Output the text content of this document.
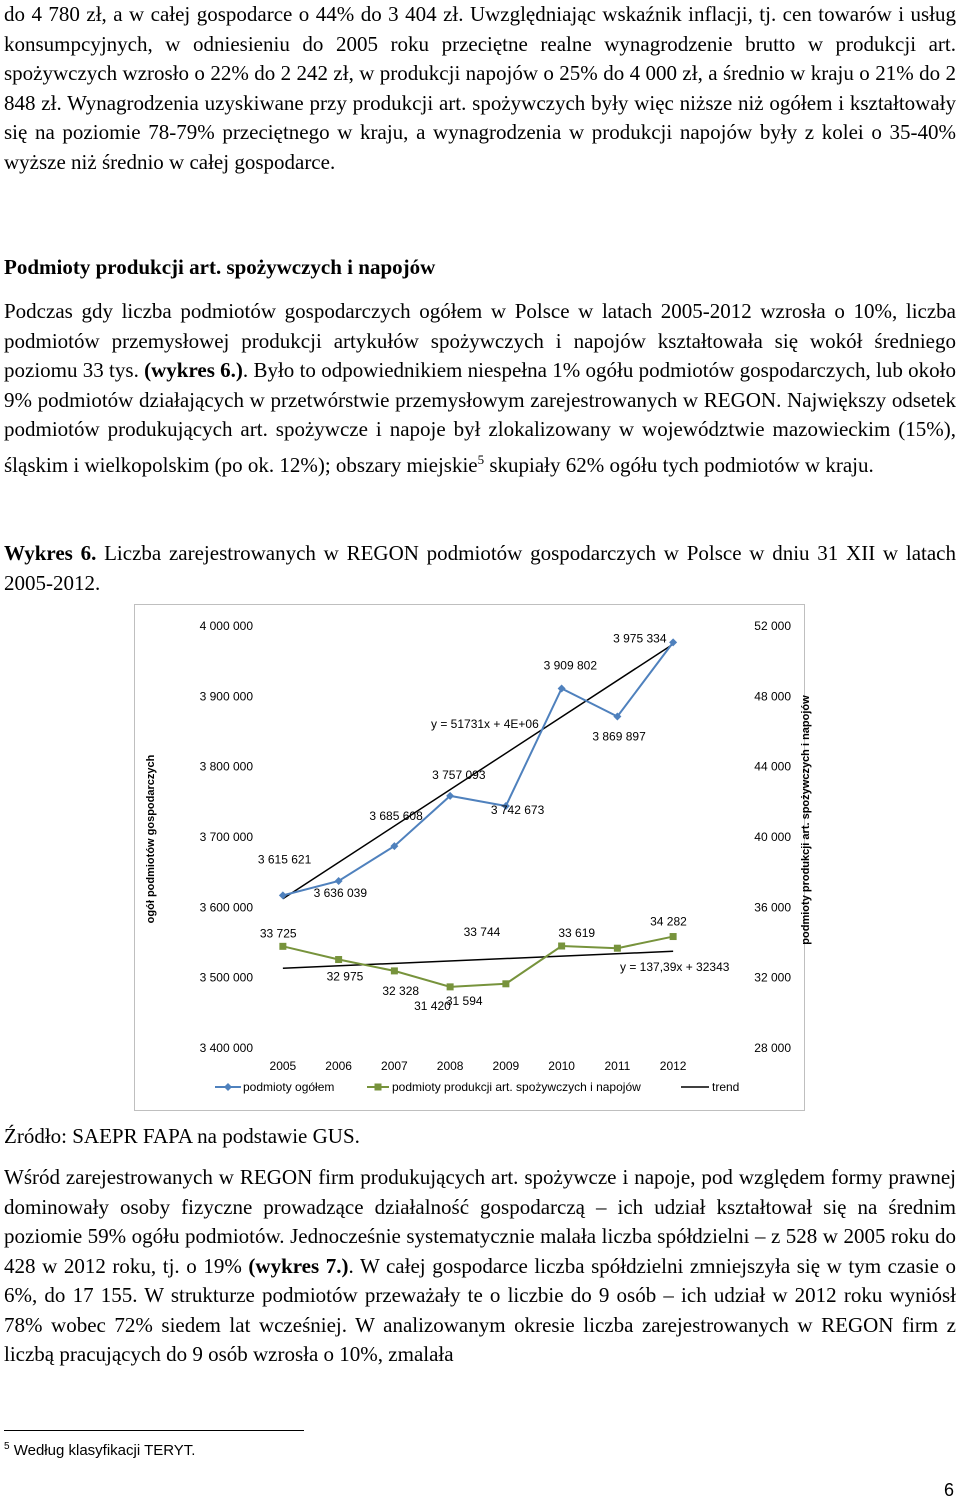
do 4 780 zł, a w całej gospodarce o 44% do 3 404 zł. Uwzględniając wskaźnik inflacji, tj. cen towarów i usług konsumpcyjnych, w odniesieniu do 2005 roku przeciętne realne wynagrodzenie brutto w produkcji art. spożywczych wzrosło o 22% do 2 242 zł, w produkcji napojów o 25% do 4 000 zł, a średnio w kraju o 21% do 2 848 zł. Wynagrodzenia uzyskiwane przy produkcji art. spożywczych były więc niższe niż ogółem i kształtowały się na poziomie 78-79% przeciętnego w kraju, a wynagrodzenia w produkcji napojów były z kolei o 35-40% wyższe niż średnio w całej gospodarce.

Podmioty produkcji art. spożywczych i napojów

Podczas gdy liczba podmiotów gospodarczych ogółem w Polsce w latach 2005-2012 wzrosła o 10%, liczba podmiotów przemysłowej produkcji artykułów spożywczych i napojów kształtowała się wokół średniego poziomu 33 tys. (wykres 6.). Było to odpowiednikiem niespełna 1% ogółu podmiotów gospodarczych, lub około 9% podmiotów działających w przetwórstwie przemysłowym zarejestrowanych w REGON. Największy odsetek podmiotów produkujących art. spożywcze i napoje był zlokalizowany w województwie mazowieckim (15%), śląskim i wielkopolskim (po ok. 12%); obszary miejskie$^5$ skupiały 62% ogółu tych podmiotów w kraju.

Wykres 6. Liczba zarejestrowanych w REGON podmiotów gospodarczych w Polsce w dniu 31 XII w latach 2005-2012.

3 400 000
3 500 000
3 600 000
3 700 000
3 800 000
3 900 000
4 000 000
28 000
32 000
36 000
40 000
44 000
48 000
52 000
2005 2006 2007 2008 2009 2010 2011 2012
ogół podmiotów gospodarczych	podmioty produkcji art. spożywczych i napojów
y = 51731x + 4E+06
y = 137,39x + 32343
3 615 621
3 636 039
3 685 608
3 757 093
3 742 673
3 909 802
3 869 897
3 975 334
33 725
32 975
32 328
31 420
31 594
33 744	33 619
34 282
podmioty ogółem	podmioty produkcji art. spożywczych i napojów	trend

Źródło: SAEPR FAPA na podstawie GUS.

Wśród zarejestrowanych w REGON firm produkujących art. spożywcze i napoje, pod względem formy prawnej dominowały osoby fizyczne prowadzące działalność gospodarczą – ich udział kształtował się na średnim poziomie 59% ogółu podmiotów. Jednocześnie systematycznie malała liczba spółdzielni – z 528 w 2005 roku do 428 w 2012 roku, tj. o 19% (wykres 7.). W całej gospodarce liczba spółdzielni zmniejszyła się w tym czasie o 6%, do 17 155. W strukturze podmiotów przeważały te o liczbie do 9 osób – ich udział w 2012 roku wyniósł 78% wobec 72% siedem lat wcześniej. W analizowanym okresie liczba zarejestrowanych w REGON firm z liczbą pracujących do 9 osób wzrosła o 10%, zmalała

$^5$ Według klasyfikacji TERYT.
6
